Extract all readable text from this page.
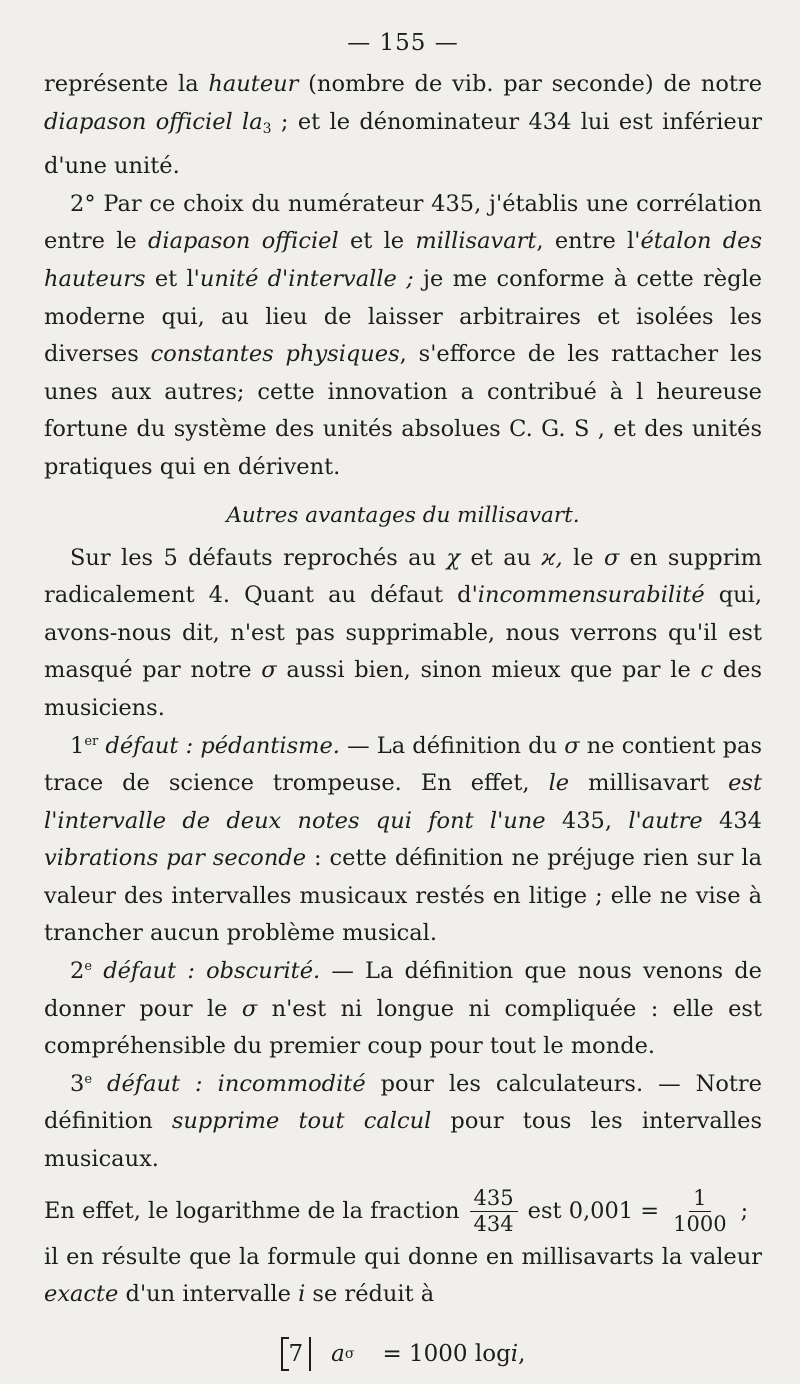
— 155 —

représente la hauteur (nombre de vib. par seconde) de notre diapason officiel $la_3$ ; et le dénominateur 434 lui est inférieur d'une unité.

2° Par ce choix du numérateur 435, j'établis une corrélation entre le diapason officiel et le millisavart, entre l'étalon des hauteurs et l'unité d'intervalle ; je me conforme à cette règle moderne qui, au lieu de laisser arbitraires et isolées les diverses constantes physiques, s'efforce de les rattacher les unes aux autres; cette innovation a contribué à l heureuse fortune du système des unités absolues C. G. S , et des unités pratiques qui en dérivent.

Autres avantages du millisavart.

Sur les 5 défauts reprochés au χ et au ϰ, le σ en supprim radicalement 4. Quant au défaut d'incommensurabilité qui, avons-nous dit, n'est pas supprimable, nous verrons qu'il est masqué par notre σ aussi bien, sinon mieux que par le c des musiciens.

1er défaut : pédantisme. — La définition du σ ne contient pas trace de science trompeuse. En effet, le millisavart est l'intervalle de deux notes qui font l'une 435, l'autre 434 vibrations par seconde : cette définition ne préjuge rien sur la valeur des intervalles musicaux restés en litige ; elle ne vise à trancher aucun problème musical.

2e défaut : obscurité. — La définition que nous venons de donner pour le σ n'est ni longue ni compliquée : elle est compréhensible du premier coup pour tout le monde.

3e défaut : incommodité pour les calculateurs. — Notre définition supprime tout calcul pour tous les intervalles musicaux.

En effet, le logarithme de la fraction $\frac{435}{434}$ est $0,001 = \frac{1}{1000}$ ;

il en résulte que la formule qui donne en millisavarts la valeur exacte d'un intervalle i se réduit à

7	a σ = 1000 log i ,
